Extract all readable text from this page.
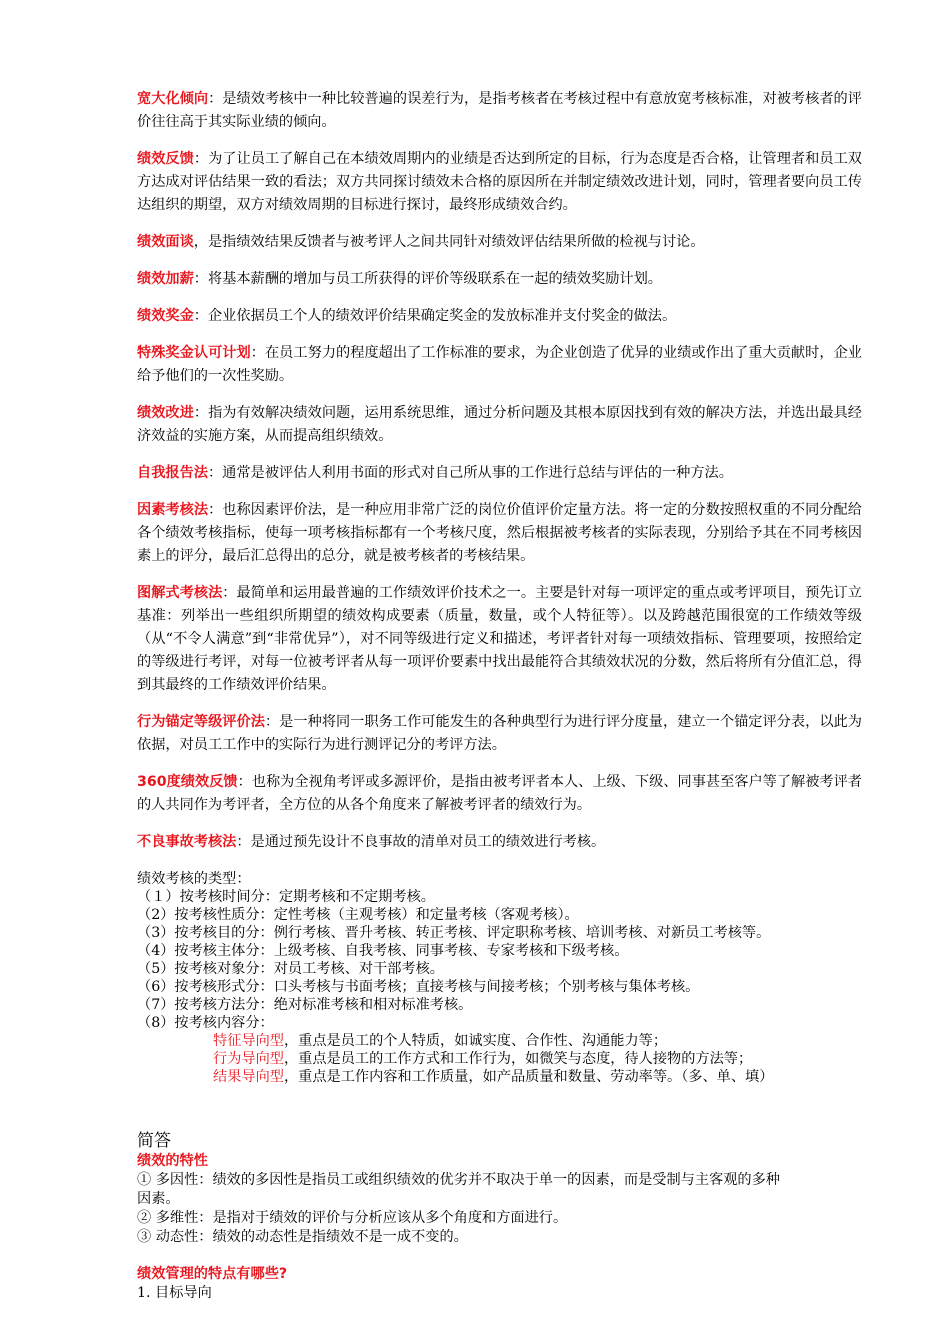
宽大化倾向：是绩效考核中一种比较普遍的误差行为，是指考核者在考核过程中有意放宽考核标准，对被考核者的评价往往高于其实际业绩的倾向。

绩效反馈：为了让员工了解自己在本绩效周期内的业绩是否达到所定的目标，行为态度是否合格，让管理者和员工双方达成对评估结果一致的看法；双方共同探讨绩效未合格的原因所在并制定绩效改进计划，同时，管理者要向员工传达组织的期望，双方对绩效周期的目标进行探讨，最终形成绩效合约。

绩效面谈，是指绩效结果反馈者与被考评人之间共同针对绩效评估结果所做的检视与讨论。

绩效加薪：将基本薪酬的增加与员工所获得的评价等级联系在一起的绩效奖励计划。

绩效奖金：企业依据员工个人的绩效评价结果确定奖金的发放标准并支付奖金的做法。

特殊奖金认可计划：在员工努力的程度超出了工作标准的要求，为企业创造了优异的业绩或作出了重大贡献时，企业给予他们的一次性奖励。

绩效改进：指为有效解决绩效问题，运用系统思维，通过分析问题及其根本原因找到有效的解决方法，并选出最具经济效益的实施方案，从而提高组织绩效。

自我报告法：通常是被评估人利用书面的形式对自己所从事的工作进行总结与评估的一种方法。

因素考核法：也称因素评价法，是一种应用非常广泛的岗位价值评价定量方法。将一定的分数按照权重的不同分配给各个绩效考核指标，使每一项考核指标都有一个考核尺度，然后根据被考核者的实际表现，分别给予其在不同考核因素上的评分，最后汇总得出的总分，就是被考核者的考核结果。

图解式考核法：最简单和运用最普遍的工作绩效评价技术之一。主要是针对每一项评定的重点或考评项目，预先订立基准：列举出一些组织所期望的绩效构成要素（质量，数量，或个人特征等）。以及跨越范围很宽的工作绩效等级（从“不令人满意”到“非常优异”），对不同等级进行定义和描述，考评者针对每一项绩效指标、管理要项，按照给定的等级进行考评，对每一位被考评者从每一项评价要素中找出最能符合其绩效状况的分数，然后将所有分值汇总，得到其最终的工作绩效评价结果。

行为锚定等级评价法：是一种将同一职务工作可能发生的各种典型行为进行评分度量，建立一个锚定评分表，以此为依据，对员工工作中的实际行为进行测评记分的考评方法。

360度绩效反馈：也称为全视角考评或多源评价，是指由被考评者本人、上级、下级、同事甚至客户等了解被考评者的人共同作为考评者，全方位的从各个角度来了解被考评者的绩效行为。

不良事故考核法：是通过预先设计不良事故的清单对员工的绩效进行考核。

绩效考核的类型：
（１）按考核时间分：定期考核和不定期考核。
（2）按考核性质分：定性考核（主观考核）和定量考核（客观考核）。
（3）按考核目的分：例行考核、晋升考核、转正考核、评定职称考核、培训考核、对新员工考核等。
（4）按考核主体分：上级考核、自我考核、同事考核、专家考核和下级考核。
（5）按考核对象分：对员工考核、对干部考核。
（6）按考核形式分：口头考核与书面考核；直接考核与间接考核；个别考核与集体考核。
（7）按考核方法分：绝对标准考核和相对标准考核。
（8）按考核内容分：
特征导向型，重点是员工的个人特质，如诚实度、合作性、沟通能力等；
行为导向型，重点是员工的工作方式和工作行为，如微笑与态度，待人接物的方法等；
结果导向型，重点是工作内容和工作质量，如产品质量和数量、劳动率等。（多、单、填）
简答
绩效的特性
① 多因性：绩效的多因性是指员工或组织绩效的优劣并不取决于单一的因素，而是受制与主客观的多种
因素。
② 多维性：是指对于绩效的评价与分析应该从多个角度和方面进行。
③ 动态性：绩效的动态性是指绩效不是一成不变的。
绩效管理的特点有哪些?
1. 目标导向
